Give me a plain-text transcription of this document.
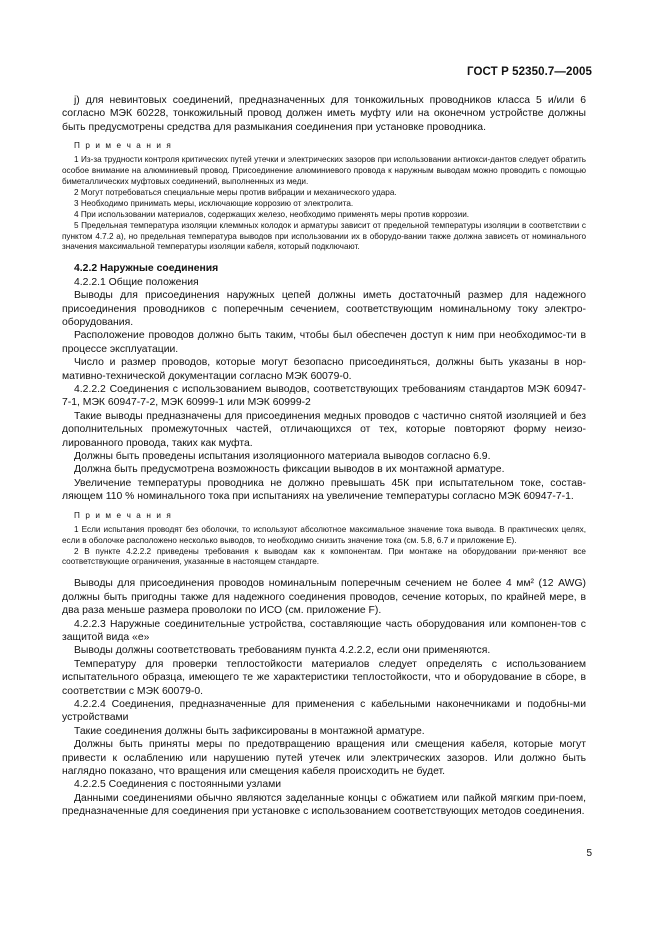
ГОСТ Р 52350.7—2005

j) для невинтовых соединений, предназначенных для тонкожильных проводников класса 5 и/или 6 согласно МЭК 60228, тонкожильный провод должен иметь муфту или на оконечном устройстве должны быть предусмотрены средства для размыкания соединения при установке проводника.

П р и м е ч а н и я

1 Из-за трудности контроля критических путей утечки и электрических зазоров при использовании антиокси-дантов следует обратить особое внимание на алюминиевый провод. Присоединение алюминиевого провода к наружным выводам можно проводить с помощью биметаллических муфтовых соединений, выполненных из меди.

2 Могут потребоваться специальные меры против вибрации и механического удара.

3 Необходимо принимать меры, исключающие коррозию от электролита.

4 При использовании материалов, содержащих железо, необходимо применять меры против коррозии.

5 Предельная температура изоляции клеммных колодок и арматуры зависит от предельной температуры изоляции в соответствии с пунктом 4.7.2 а), но предельная температура выводов при использовании их в оборудо-вании также должна зависеть от номинального значения максимальной температуры изоляции кабеля, который подключают.

4.2.2 Наружные соединения

4.2.2.1 Общие положения

Выводы для присоединения наружных цепей должны иметь достаточный размер для надежного присоединения проводников с поперечным сечением, соответствующим номинальному току электро-оборудования.

Расположение проводов должно быть таким, чтобы был обеспечен доступ к ним при необходимос-ти в процессе эксплуатации.

Число и размер проводов, которые могут безопасно присоединяться, должны быть указаны в нор-мативно-технической документации согласно МЭК 60079-0.

4.2.2.2 Соединения с использованием выводов, соответствующих требованиям стандартов МЭК 60947-7-1, МЭК 60947-7-2, МЭК 60999-1 или МЭК 60999-2

Такие выводы предназначены для присоединения медных проводов с частично снятой изоляцией и без дополнительных промежуточных частей, отличающихся от тех, которые повторяют форму неизо-лированного провода, таких как муфта.

Должны быть проведены испытания изоляционного материала выводов согласно 6.9.

Должна быть предусмотрена возможность фиксации выводов в их монтажной арматуре.

Увеличение температуры проводника не должно превышать 45К при испытательном токе, состав-ляющем 110 % номинального тока при испытаниях на увеличение температуры согласно МЭК 60947-7-1.

П р и м е ч а н и я

1 Если испытания проводят без оболочки, то используют абсолютное максимальное значение тока вывода. В практических целях, если в оболочке расположено несколько выводов, то необходимо снизить значение тока (см. 5.8, 6.7 и приложение Е).

2 В пункте 4.2.2.2 приведены требования к выводам как к компонентам. При монтаже на оборудовании при-меняют все соответствующие ограничения, указанные в настоящем стандарте.

Выводы для присоединения проводов номинальным поперечным сечением не более 4 мм² (12 AWG) должны быть пригодны также для надежного соединения проводов, сечение которых, по крайней мере, в два раза меньше размера проволоки по ИСО (см. приложение F).

4.2.2.3 Наружные соединительные устройства, составляющие часть оборудования или компонен-тов с защитой вида «е»

Выводы должны соответствовать требованиям пункта 4.2.2.2, если они применяются.

Температуру для проверки теплостойкости материалов следует определять с использованием испытательного образца, имеющего те же характеристики теплостойкости, что и оборудование в сборе, в соответствии с МЭК 60079-0.

4.2.2.4 Соединения, предназначенные для применения с кабельными наконечниками и подобны-ми устройствами

Такие соединения должны быть зафиксированы в монтажной арматуре.

Должны быть приняты меры по предотвращению вращения или смещения кабеля, которые могут привести к ослаблению или нарушению путей утечек или электрических зазоров. Или должно быть наглядно показано, что вращения или смещения кабеля происходить не будет.

4.2.2.5 Соединения с постоянными узлами

Данными соединениями обычно являются заделанные концы с обжатием или пайкой мягким при-поем, предназначенные для соединения при установке с использованием соответствующих методов соединения.

5
